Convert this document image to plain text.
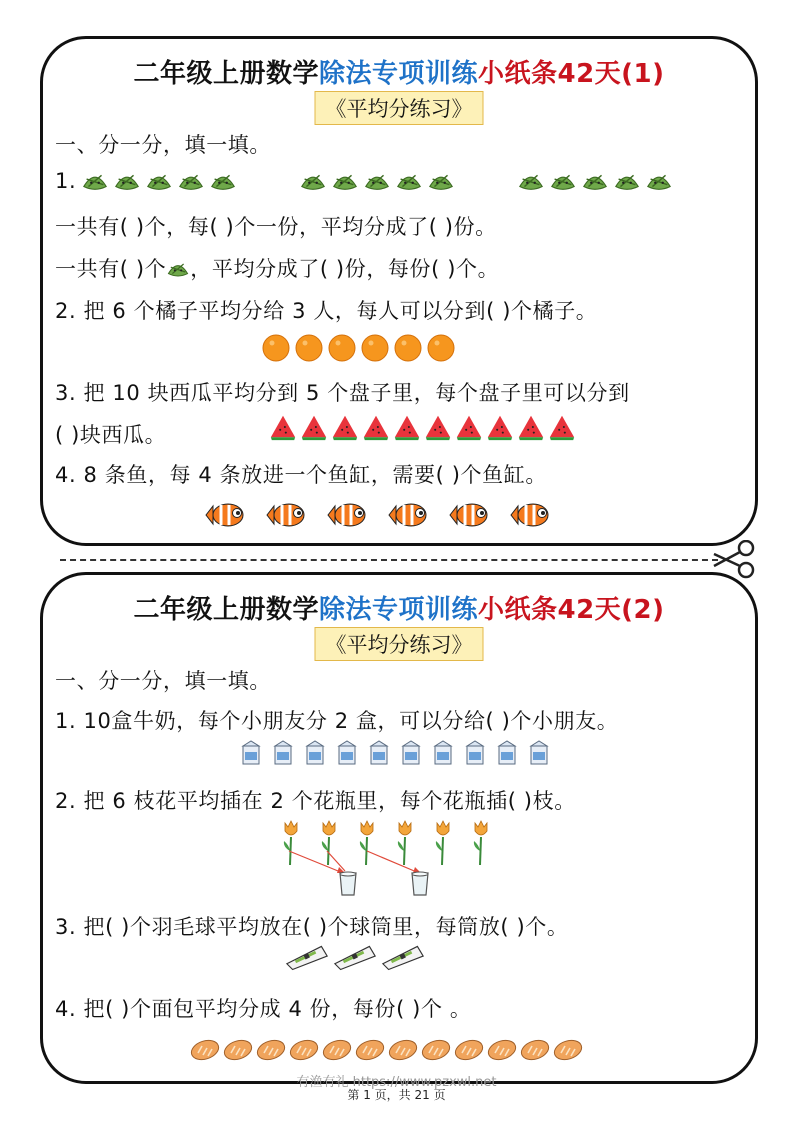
二年级上册数学除法专项训练小纸条42天(1)
《平均分练习》
一、分一分，填一填。
1.
一共有( )个，每( )个一份，平均分成了( )份。
一共有( )个 ，平均分成了( )份，每份( )个。
2. 把 6 个橘子平均分给 3 人，每人可以分到( )个橘子。
3. 把 10 块西瓜平均分到 5 个盘子里，每个盘子里可以分到
( )块西瓜。
4. 8 条鱼，每 4 条放进一个鱼缸，需要( )个鱼缸。
二年级上册数学除法专项训练小纸条42天(2)
《平均分练习》
一、分一分，填一填。
1. 10盒牛奶，每个小朋友分 2 盒，可以分给( )个小朋友。
2. 把 6 枝花平均插在 2 个花瓶里，每个花瓶插( )枝。
3. 把( )个羽毛球平均放在( )个球筒里，每筒放( )个。
4. 把( )个面包平均分成 4 份，每份( )个 。
有渔有礼 https://www.pzxwl.net
第 1 页，共 21 页
